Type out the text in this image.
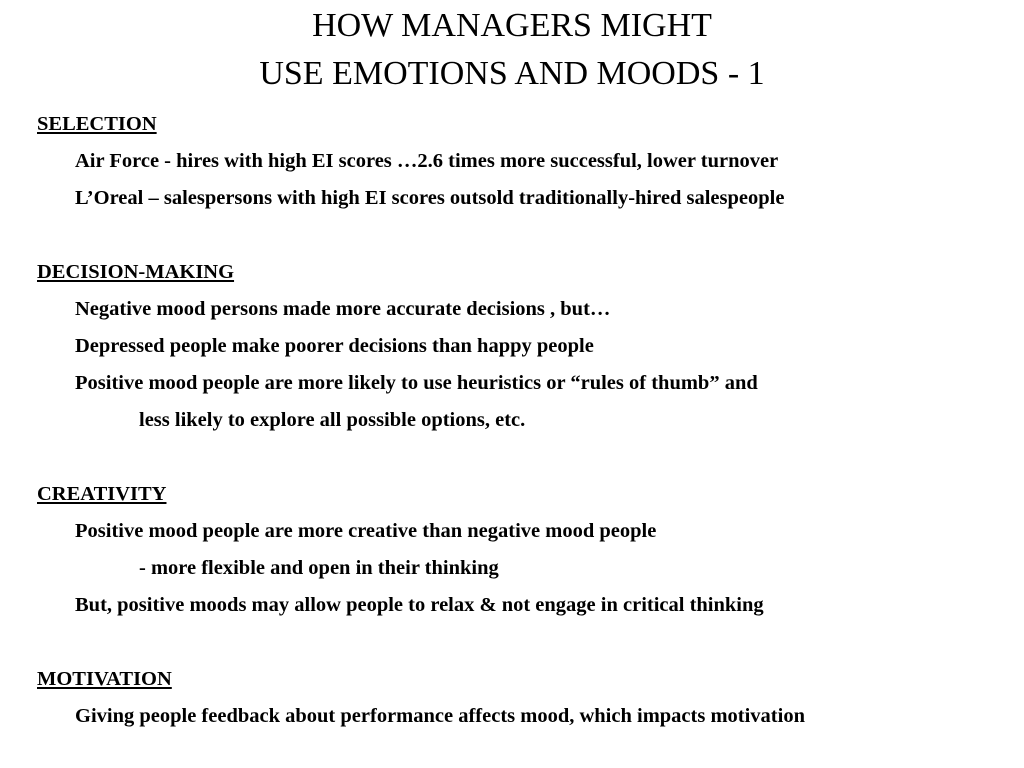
HOW MANAGERS MIGHT
USE EMOTIONS AND MOODS - 1
SELECTION
Air Force - hires with high EI scores …2.6 times more successful, lower turnover
L’Oreal – salespersons with high EI scores outsold traditionally-hired salespeople
DECISION-MAKING
Negative mood persons made more accurate decisions , but…
Depressed people make poorer decisions than happy people
Positive mood people are more likely to use heuristics or “rules of thumb” and
less likely to explore all possible options, etc.
CREATIVITY
Positive mood people are more creative than negative mood people
- more flexible and open in their thinking
But, positive moods may allow people to relax & not engage in critical thinking
MOTIVATION
Giving people feedback about performance affects mood, which impacts motivation
